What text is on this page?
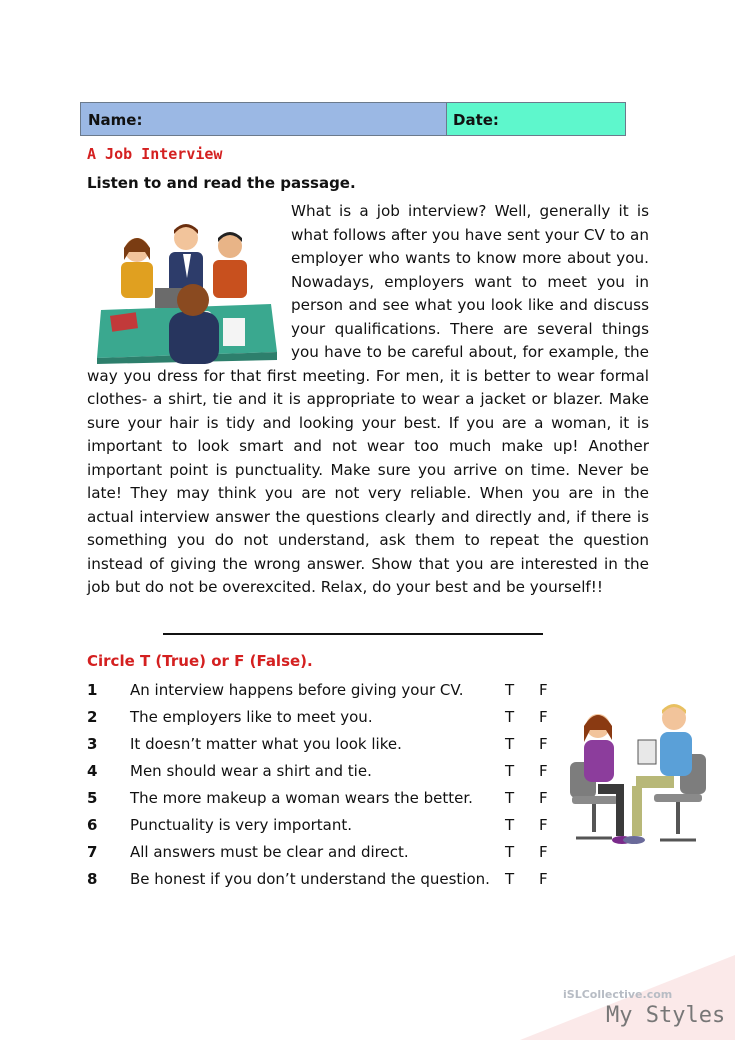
Name:	Date:
A Job Interview
Listen to and read the passage.

What is a job interview? Well, generally it is what follows after you have sent your CV to an employer who wants to know more about you. Nowadays, employers want to meet you in person and see what you look like and discuss your qualifications. There are several things you have to be careful about, for example, the way you dress for that first meeting. For men, it is better to wear formal clothes- a shirt, tie and it is appropriate to wear a jacket or blazer. Make sure your hair is tidy and looking your best. If you are a woman, it is important to look smart and not wear too much make up! Another important point is punctuality. Make sure you arrive on time. Never be late! They may think you are not very reliable. When you are in the actual interview answer the questions clearly and directly and, if there is something you do not understand, ask them to repeat the question instead of giving the wrong answer. Show that you are interested in the job but do not be overexcited. Relax, do your best and be yourself!!

Circle T (True) or F (False).
1 An interview happens before giving your CV.	T F
2 The employers like to meet you.	T F
3 It doesn’t matter what you look like.	T F
4 Men should wear a shirt and tie.	T F
5 The more makeup a woman wears the better. T F
6 Punctuality is very important.	T F
7 All answers must be clear and direct.	T F
8 Be honest if you don’t understand the question. T F
iSLCollective.com
My Styles
